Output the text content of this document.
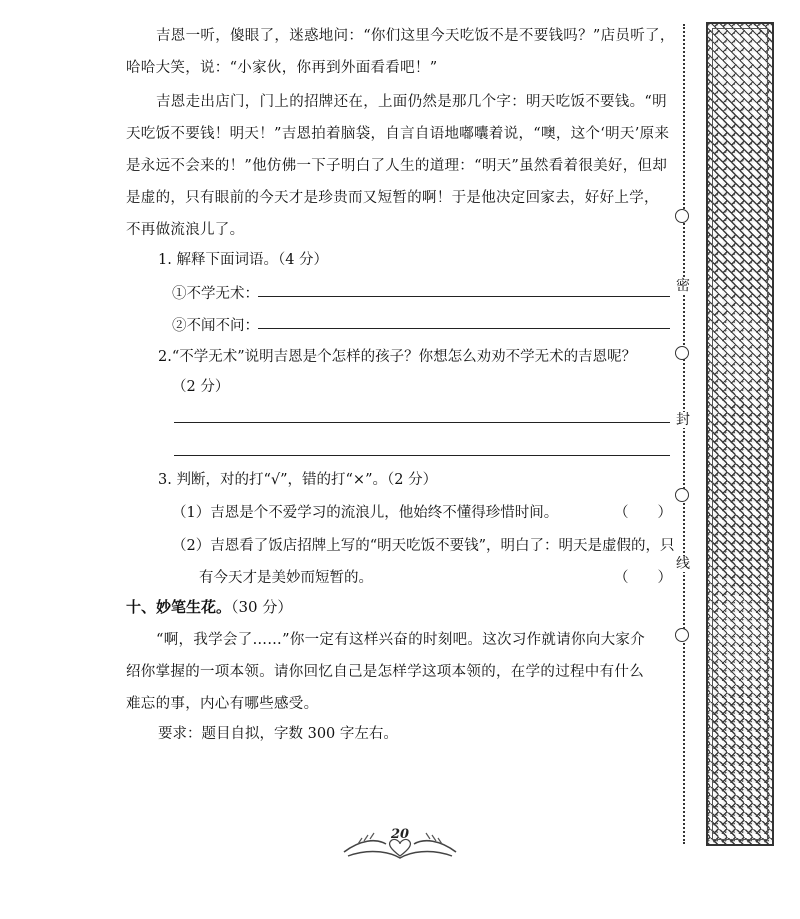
吉恩一听，傻眼了，迷惑地问：“你们这里今天吃饭不是不要钱吗？”店员听了，
哈哈大笑，说：“小家伙，你再到外面看看吧！”
吉恩走出店门，门上的招牌还在，上面仍然是那几个字：明天吃饭不要钱。“明
天吃饭不要钱！明天！”吉恩拍着脑袋，自言自语地嘟囔着说，“噢，这个‘明天’原来
是永远不会来的！”他仿佛一下子明白了人生的道理：“明天”虽然看着很美好，但却
是虚的，只有眼前的今天才是珍贵而又短暂的啊！于是他决定回家去，好好上学，
不再做流浪儿了。
1. 解释下面词语。（4 分）
①不学无术：
②不闻不问：
2.“不学无术”说明吉恩是个怎样的孩子？你想怎么劝劝不学无术的吉恩呢？
（2 分）
3. 判断，对的打“√”，错的打“×”。（2 分）
（1）吉恩是个不爱学习的流浪儿，他始终不懂得珍惜时间。	（　　）
（2）吉恩看了饭店招牌上写的“明天吃饭不要钱”，明白了：明天是虚假的，只
有今天才是美妙而短暂的。	（　　）
十、妙笔生花。（30 分）
“啊，我学会了……”你一定有这样兴奋的时刻吧。这次习作就请你向大家介
绍你掌握的一项本领。请你回忆自己是怎样学这项本领的，在学的过程中有什么
难忘的事，内心有哪些感受。
要求：题目自拟，字数 300 字左右。
密
封
线
20
